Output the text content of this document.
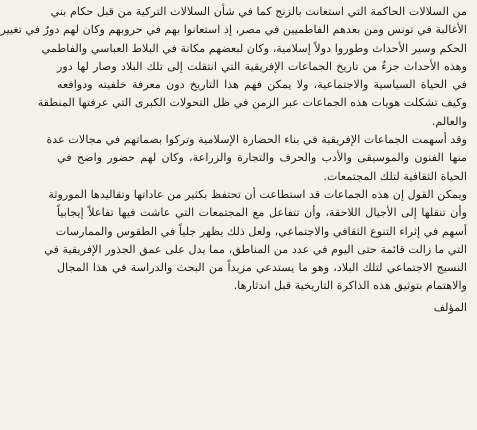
من السلالات الحاكمة التي استعانت بالزنج كما في شأن السلالات التركية من قبل حكام بني
الأغالبة في تونس ومن بعدهم الفاطميين في مصر، إذ استعانوا بهم في حروبهم وكان لهم دورٌ في تغيير
الحكم وسير الأحداث وطوروا دولاً إسلامية، وكان لبعضهم مكانة في البلاط العباسي والفاطمي
وهذه الأحداث جزءٌ من تاريخ الجماعات الإفريقية التي انتقلت إلى تلك البلاد وصار لها دور
في الحياة السياسية والاجتماعية، ولا يمكن فهم هذا التاريخ دون معرفة خلفيته ودوافعه
وكيف تشكلت هويات هذه الجماعات عبر الزمن في ظل التحولات الكبرى التي عرفتها المنطقة
والعالم.
وقد أسهمت الجماعات الإفريقية في بناء الحضارة الإسلامية وتركوا بصماتهم في مجالات عدة
منها الفنون والموسيقى والأدب والحرف والتجارة والزراعة، وكان لهم حضور واضح في
الحياة الثقافية لتلك المجتمعات.
ويمكن القول إن هذه الجماعات قد استطاعت أن تحتفظ بكثير من عاداتها وتقاليدها الموروثة
وأن تنقلها إلى الأجيال اللاحقة، وأن تتفاعل مع المجتمعات التي عاشت فيها تفاعلاً إيجابياً
أسهم في إثراء التنوع الثقافي والاجتماعي، ولعل ذلك يظهر جلياً في الطقوس والممارسات
التي ما زالت قائمة حتى اليوم في عدد من المناطق، مما يدل على عمق الجذور الإفريقية في
النسيج الاجتماعي لتلك البلاد، وهو ما يستدعي مزيداً من البحث والدراسة في هذا المجال
والاهتمام بتوثيق هذه الذاكرة التاريخية قبل اندثارها.
المؤلف
